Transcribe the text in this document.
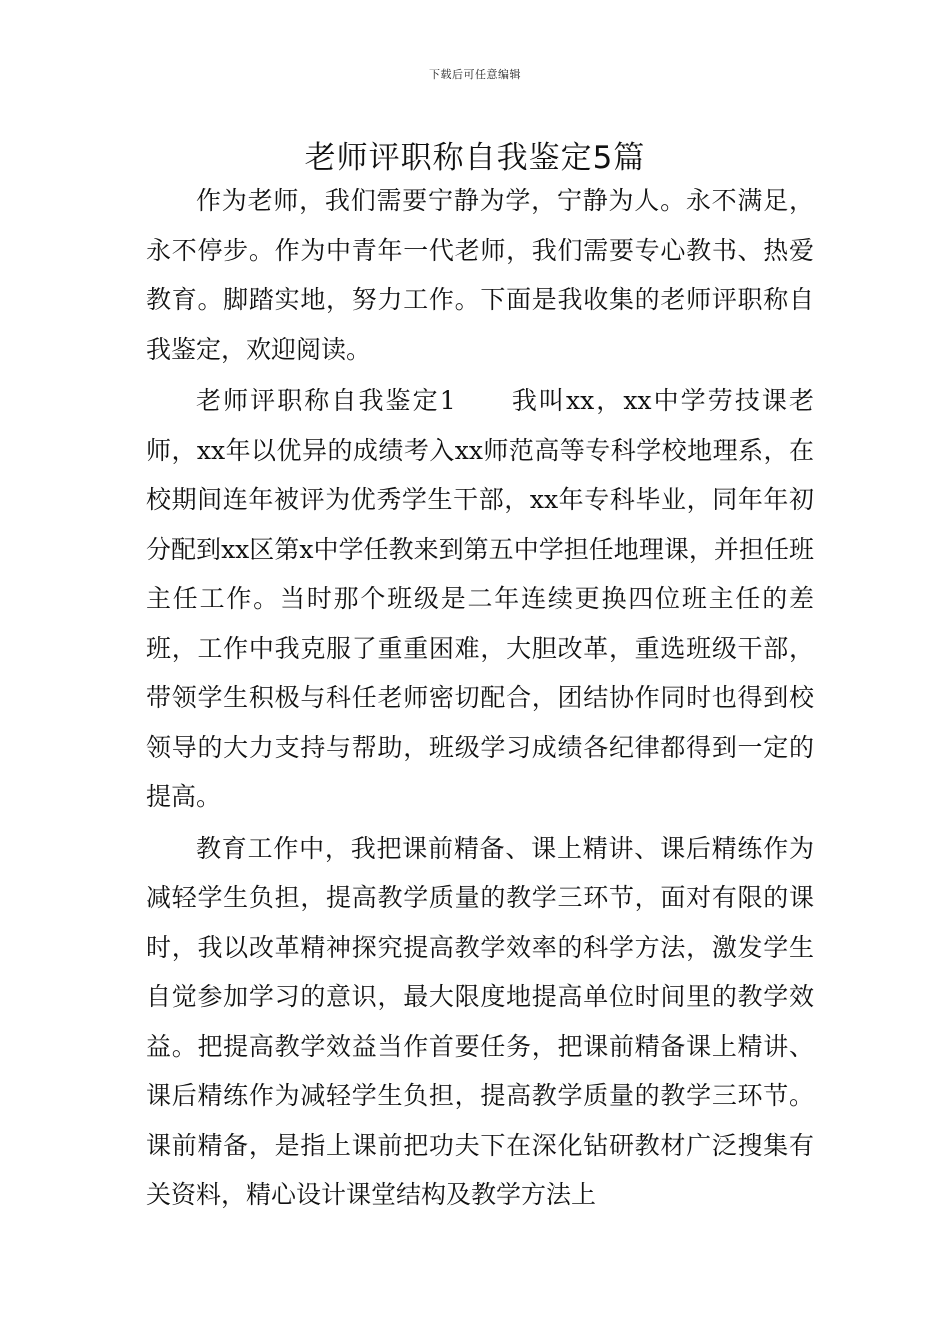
下载后可任意编辑
老师评职称自我鉴定5篇

作为老师，我们需要宁静为学，宁静为人。永不满足，永不停步。作为中青年一代老师，我们需要专心教书、热爱教育。脚踏实地，努力工作。下面是我收集的老师评职称自我鉴定，欢迎阅读。

老师评职称自我鉴定1　　我叫xx，xx中学劳技课老师，xx年以优异的成绩考入xx师范高等专科学校地理系，在校期间连年被评为优秀学生干部，xx年专科毕业，同年年初分配到xx区第x中学任教来到第五中学担任地理课，并担任班主任工作。当时那个班级是二年连续更换四位班主任的差班，工作中我克服了重重困难，大胆改革，重选班级干部，带领学生积极与科任老师密切配合，团结协作同时也得到校领导的大力支持与帮助，班级学习成绩各纪律都得到一定的提高。

教育工作中，我把课前精备、课上精讲、课后精练作为减轻学生负担，提高教学质量的教学三环节，面对有限的课时，我以改革精神探究提高教学效率的科学方法，激发学生自觉参加学习的意识，最大限度地提高单位时间里的教学效益。把提高教学效益当作首要任务，把课前精备课上精讲、课后精练作为减轻学生负担，提高教学质量的教学三环节。课前精备，是指上课前把功夫下在深化钻研教材广泛搜集有关资料，精心设计课堂结构及教学方法上
